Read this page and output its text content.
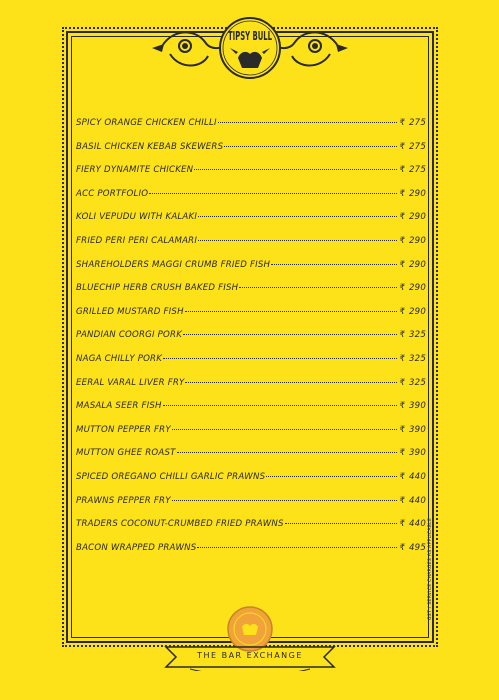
TIPSY BULL
SPICY ORANGE CHICKEN CHILLI	₹ 275
BASIL CHICKEN KEBAB SKEWERS	₹ 275
FIERY DYNAMITE CHICKEN	₹ 275
ACC PORTFOLIO	₹ 290
KOLI VEPUDU WITH KALAKI	₹ 290
FRIED PERI PERI CALAMARI	₹ 290
SHAREHOLDERS MAGGI CRUMB FRIED FISH	₹ 290
BLUECHIP HERB CRUSH BAKED FISH	₹ 290
GRILLED MUSTARD FISH	₹ 290
PANDIAN COORGI PORK	₹ 325
NAGA CHILLY PORK	₹ 325
EERAL VARAL LIVER FRY	₹ 325
MASALA SEER FISH	₹ 390
MUTTON PEPPER FRY	₹ 390
MUTTON GHEE ROAST	₹ 390
SPICED OREGANO CHILLI GARLIC PRAWNS	₹ 440
PRAWNS PEPPER FRY	₹ 440
TRADERS COCONUT-CRUMBED FRIED PRAWNS	₹ 440
BACON WRAPPED PRAWNS	₹ 495
THE BAR EXCHANGE
GST / SERVICE CHARGES AS APPLICABLE
